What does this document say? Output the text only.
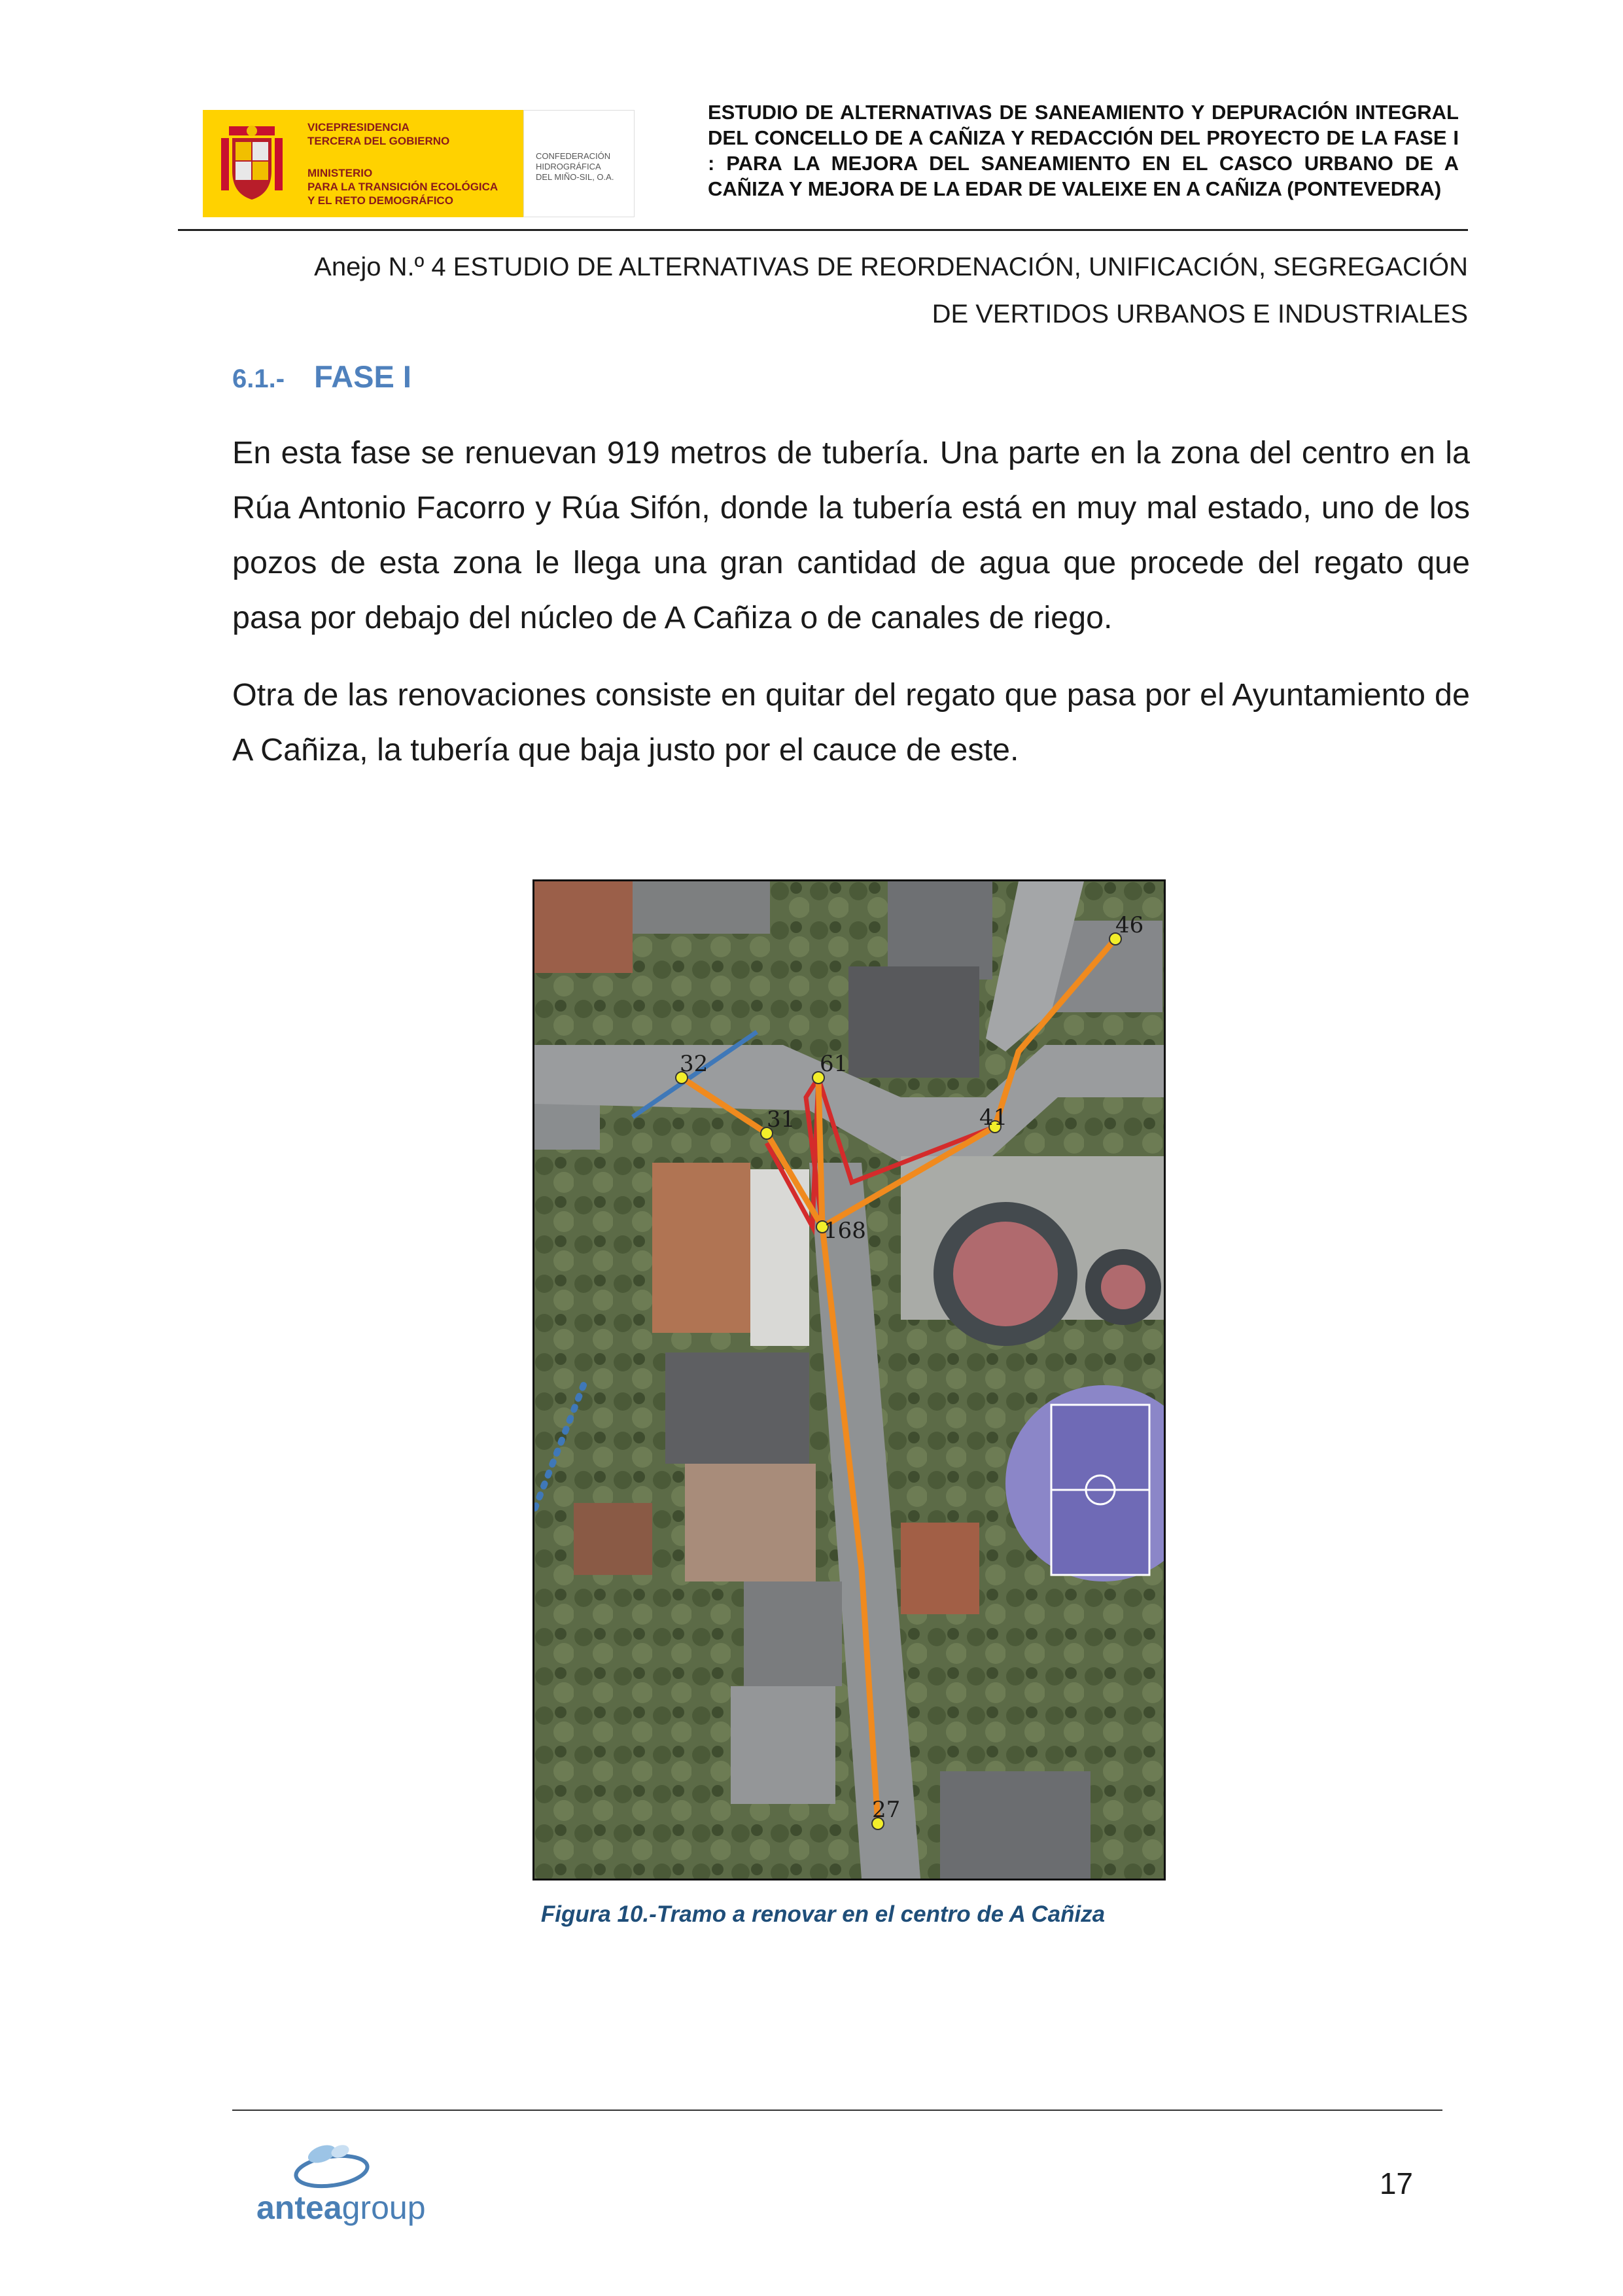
VICEPRESIDENCIA
TERCERA DEL GOBIERNO
MINISTERIO
PARA LA TRANSICIÓN ECOLÓGICA
Y EL RETO DEMOGRÁFICO
CONFEDERACIÓN
HIDROGRÁFICA
DEL MIÑO-SIL, O.A.
ESTUDIO DE ALTERNATIVAS DE SANEAMIENTO Y DEPURACIÓN INTEGRAL DEL CONCELLO DE A CAÑIZA Y REDACCIÓN DEL PROYECTO DE LA FASE I : PARA LA MEJORA DEL SANEAMIENTO EN EL CASCO URBANO DE A CAÑIZA Y MEJORA DE LA EDAR DE VALEIXE EN A CAÑIZA (PONTEVEDRA)
Anejo N.º 4 ESTUDIO DE ALTERNATIVAS DE REORDENACIÓN, UNIFICACIÓN, SEGREGACIÓN
DE VERTIDOS URBANOS E INDUSTRIALES
6.1.- FASE I
En esta fase se renuevan 919 metros de tubería. Una parte en la zona del centro en la Rúa Antonio Facorro y Rúa Sifón, donde la tubería está en muy mal estado, uno de los pozos de esta zona le llega una gran cantidad de agua que procede del regato que pasa por debajo del núcleo de A Cañiza o de canales de riego.
Otra de las renovaciones consiste en quitar del regato que pasa por el Ayuntamiento de A Cañiza, la tubería que baja justo por el cauce de este.
46
32	61
31	41
168
27
Figura 10.-Tramo a renovar en el centro de A Cañiza
anteagroup
17
